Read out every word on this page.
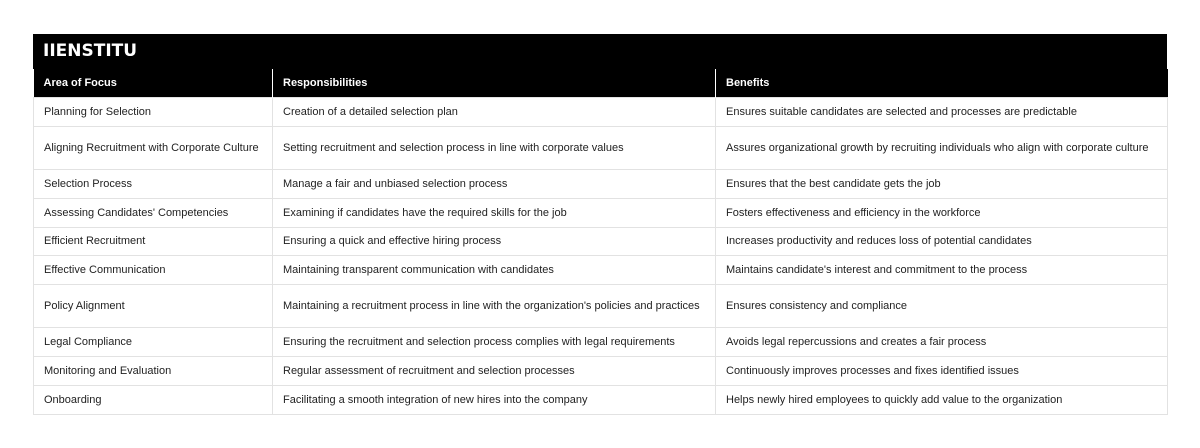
IIENSTITU
Area of Focus	Responsibilities	Benefits
Planning for Selection	Creation of a detailed selection plan	Ensures suitable candidates are selected and processes are predictable
Aligning Recruitment with Corporate Culture	Setting recruitment and selection process in line with corporate values	Assures organizational growth by recruiting individuals who align with corporate culture
Selection Process	Manage a fair and unbiased selection process	Ensures that the best candidate gets the job
Assessing Candidates' Competencies	Examining if candidates have the required skills for the job	Fosters effectiveness and efficiency in the workforce
Efficient Recruitment	Ensuring a quick and effective hiring process	Increases productivity and reduces loss of potential candidates
Effective Communication	Maintaining transparent communication with candidates	Maintains candidate's interest and commitment to the process
Policy Alignment	Maintaining a recruitment process in line with the organization's policies and practices	Ensures consistency and compliance
Legal Compliance	Ensuring the recruitment and selection process complies with legal requirements	Avoids legal repercussions and creates a fair process
Monitoring and Evaluation	Regular assessment of recruitment and selection processes	Continuously improves processes and fixes identified issues
Onboarding	Facilitating a smooth integration of new hires into the company	Helps newly hired employees to quickly add value to the organization
